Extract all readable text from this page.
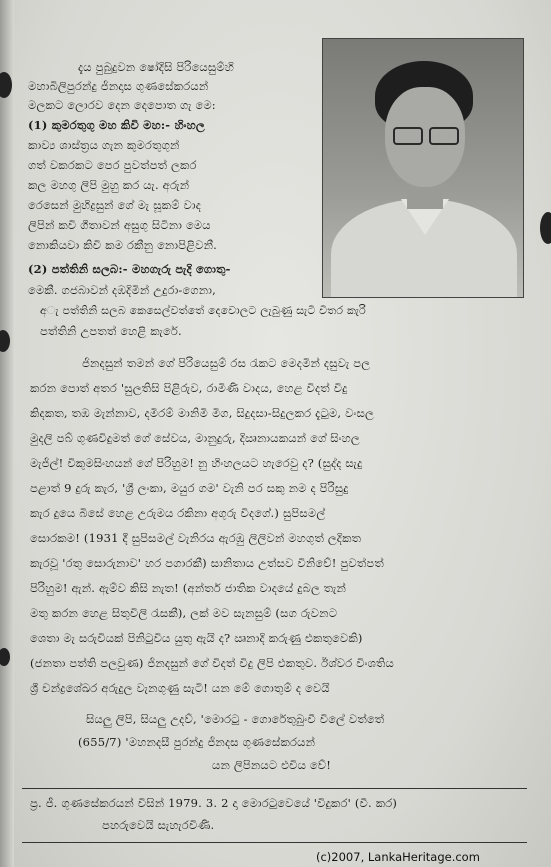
දැය පුබුදුවන ෂෝදිසි පිරියෙසුම්හි
මහාබිලිපුරන්දු ජිනදාස ගුණසේකරයන්
මලකට ලොරව දෙන දෙපොත ගැ මෙ:
(1) කුමරතුගු මහ කිවි මහ:- හිංහල
කාව්‍ය ශාස්ත්‍රය ගැන කුමරතුගුන්
ගත් වකරකට පෙර පුවත්පත් ලකර
කල මහගු ලිපි මුහු කර යැ. අරුන්
රෙසෙන් මුහිද්‍රසුන් ගේ මැ සූකම් වාද
ලිපින් කවි ගීතාවන් අසුගු සිටිනා මෙය
නොකියවා කිවි කම රකීනු නොපිළිවනී.
(2) පත්තිනි සලබ:- මහගැරු පැදි ගොතු-
මෙකී. ගජබාවන් දඹදිමින් උදුරා-ගෙනා,
අැ පත්තිනි සලබ කෙසෙල්වත්තේ දෙවොලට ලැබුණු සැටි විතර කැරි
පත්තිනි උපතත් හෙළි කැරේ.
ජිනදසුන් තමන් ගේ පිරියෙසුම් රස රැකට මෙදමින් දසුවැ පල
කරන පොත් අතර 'සුලතිසි පිළිරුව, රාමිණි වාදය, හෙළ විදත් විදු
කිදකත, තඹ මැන්නාව, දමිරම් මානිමි මිග, සිදුදසා-සිදුලකර දැටුම, වංසල
මුදලි පබ් ගුණවිදුමත් ගේ සේවය, මානුදුරු, දිඍනායකයන් ගේ සිංහල
මැජිල්! විකුමසිංහයන් ගේ පිරිහුම! නු හිංහලයට හැරෙවු ද? (සුද්ද සැදු
පළාත් 9 දුරු කැර, 'ශ්‍රී ලංකා, මයුර ගම' වැනි පර සකු නම ද පිරිසුදු
කැර දුයෙ බිසේ හෙළ උරුමය රකිනා අගුරු විදගේ.) සුපිසමල්
සොරකම! (1931 දී සුපිසමල් වැනිරය ඇරඹු ලිලිවන් මහගුත් ලදිකත
කැරවූ 'රතු සොරුනාව' හර පගාරකී) සානිතාය උත්සව විනිවේ! පුවත්පත්
පිරිහුම! ඇන්. ඇම්ව කිසි නැත! (අන්තර් ජාතික වාදයේ දුබල තැන්
මතු කරන හෙළ සිතුවිලි රැසකී), ලක් මව සැනසුම් (සග රුවනට
ශෙතා මැ සරුවියක් පිනිටුවිය යුතු ඇයි ද? ඍනාදි කරුණු එකතුවෙකි)
(ජනතා පත්ති පලවුණ) ජිනදසුන් ගේ විදත් විදු ලිපි එකතුව. ඊශ්වර විංශතිය
ශ්‍රී චන්ද්‍රශේඛර අරුදුල වැනගුණු සැටි! යන මේ ගොතුම් ද වෙයි
සියලු ලිපි, සියලු උදව්, 'මොරටු - ගොරේතුබුංවී විලේ වත්තේ
(655/7) 'මහනදසී පුරන්දු ජිනදස ගුණසේකරයන්
යන ලිපිනයට එවිය වේ!
ප්‍ර. ජී. ගුණසේකරයන් විසින් 1979. 3. 2 දා මොරටුවෙයේ 'විදුකර' (වී. කර)
පහරුවෙයි සැහැරවිණි.
(c)2007, LankaHeritage.com
